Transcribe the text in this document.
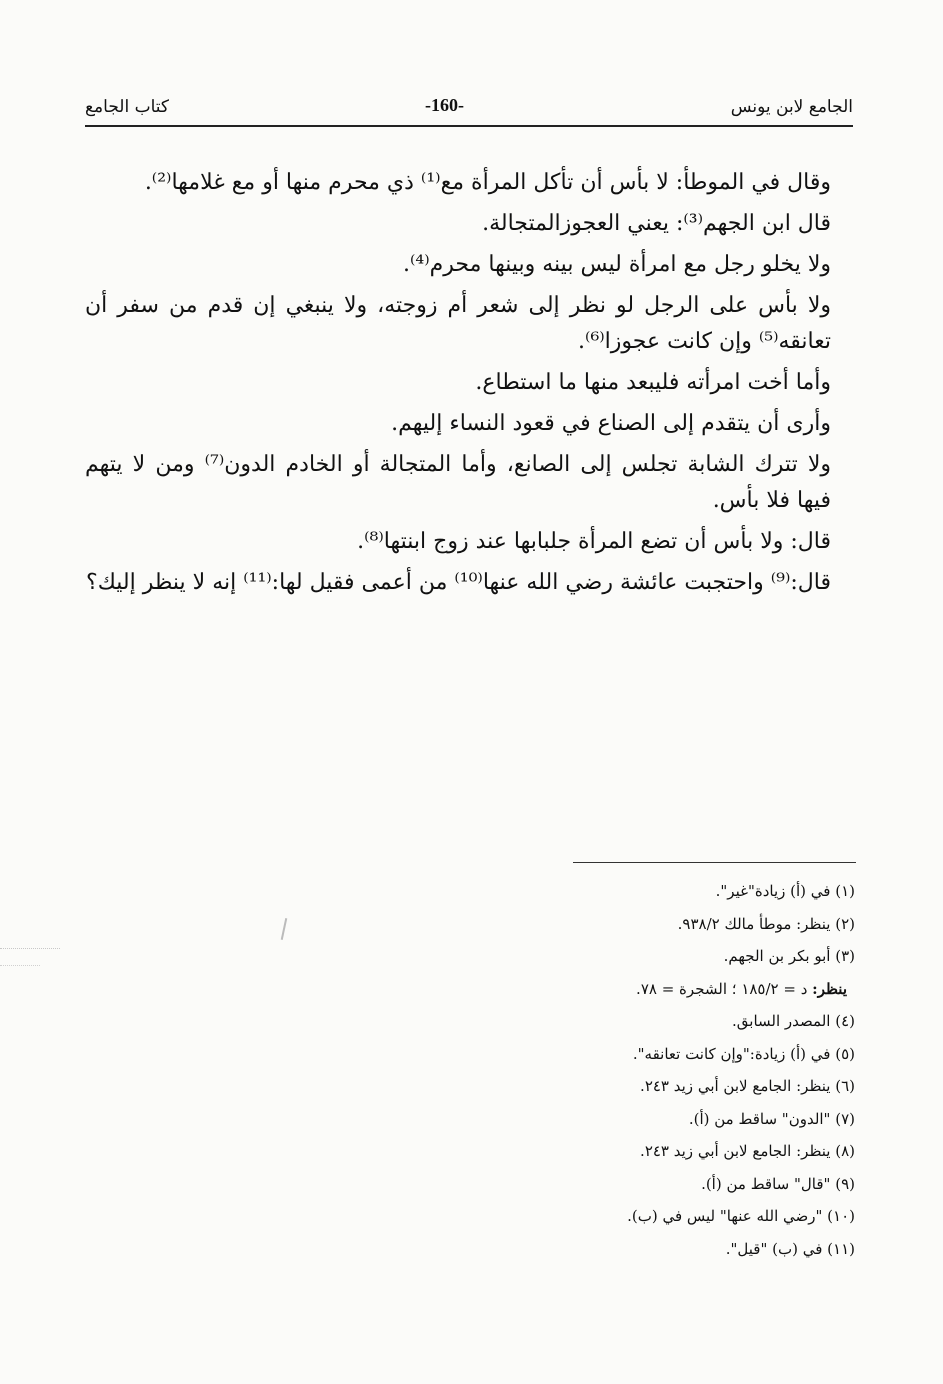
الجامع لابن يونس
-160-
كتاب الجامع
وقال في الموطأ: لا بأس أن تأكل المرأة مع⁽¹⁾ ذي محرم منها أو مع غلامها⁽²⁾.
قال ابن الجهم⁽³⁾: يعني العجوزالمتجالة.
ولا يخلو رجل مع امرأة ليس بينه وبينها محرم⁽⁴⁾.
ولا بأس على الرجل لو نظر إلى شعر أم زوجته، ولا ينبغي إن قدم من سفر أن تعانقه⁽⁵⁾ وإن كانت عجوزا⁽⁶⁾.
وأما أخت امرأته فليبعد منها ما استطاع.
وأرى أن يتقدم إلى الصناع في قعود النساء إليهم.
ولا تترك الشابة تجلس إلى الصانع، وأما المتجالة أو الخادم الدون⁽⁷⁾ ومن لا يتهم فيها فلا بأس.
قال: ولا بأس أن تضع المرأة جلبابها عند زوج ابنتها⁽⁸⁾.
قال:⁽⁹⁾ واحتجبت عائشة رضي الله عنها⁽¹⁰⁾ من أعمى فقيل لها:⁽¹¹⁾ إنه لا ينظر إليك؟
(١) في (أ) زيادة"غير".
(٢) ينظر: موطأ مالك ٩٣٨/٢.
(٣) أبو بكر بن الجهم.
ينظر: د = ١٨٥/٢ ؛ الشجرة = ٧٨.
(٤) المصدر السابق.
(٥) في (أ) زيادة:"وإن كانت تعانقه".
(٦) ينظر: الجامع لابن أبي زيد ٢٤٣.
(٧) "الدون" ساقط من (أ).
(٨) ينظر: الجامع لابن أبي زيد ٢٤٣.
(٩) "قال" ساقط من (أ).
(١٠) "رضي الله عنها" ليس في (ب).
(١١) في (ب) "قيل".
